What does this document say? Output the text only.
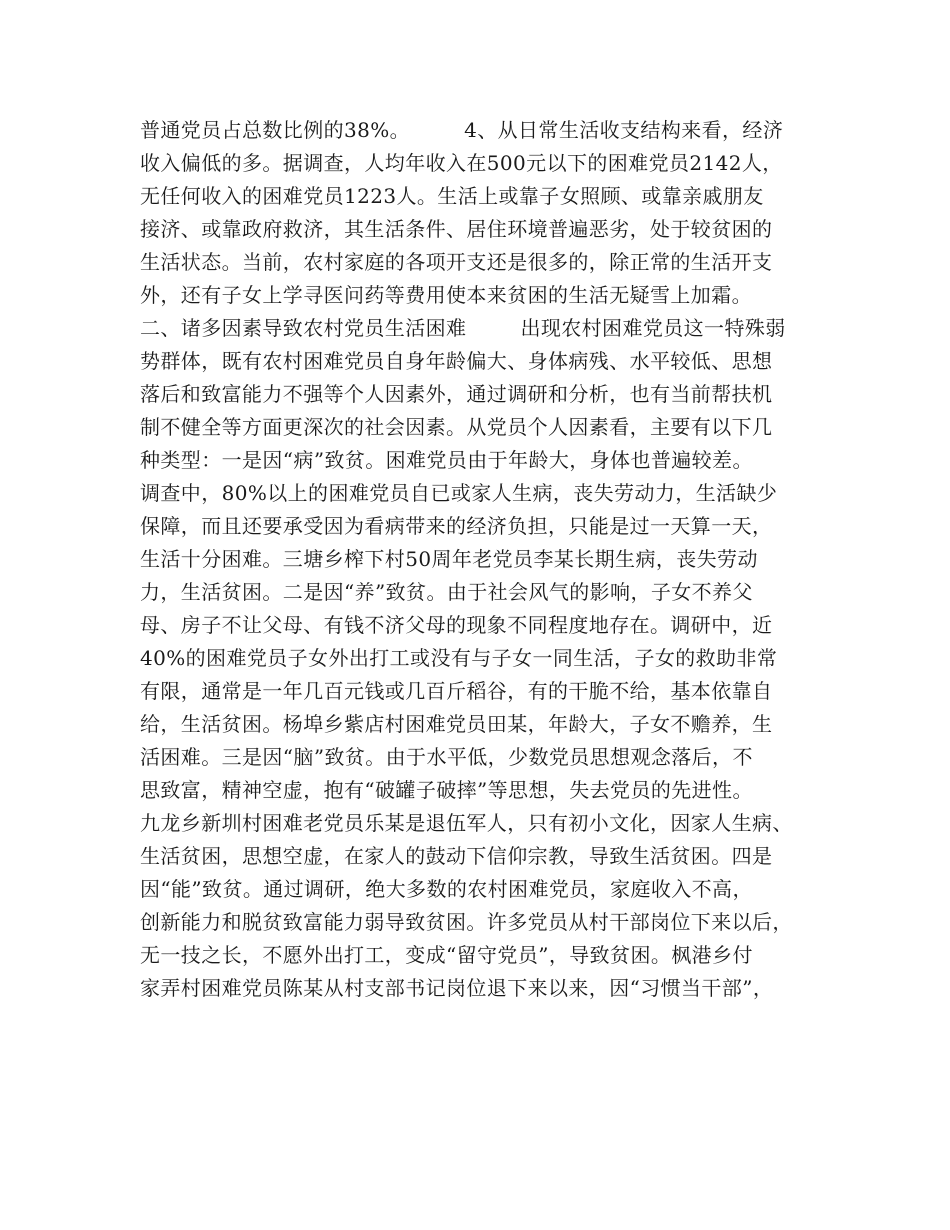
普通党员占总数比例的38%。        4、从日常生活收支结构来看，经济
收入偏低的多。据调查，人均年收入在500元以下的困难党员2142人，
无任何收入的困难党员1223人。生活上或靠子女照顾、或靠亲戚朋友
接济、或靠政府救济，其生活条件、居住环境普遍恶劣，处于较贫困的
生活状态。当前，农村家庭的各项开支还是很多的，除正常的生活开支
外，还有子女上学寻医问药等费用使本来贫困的生活无疑雪上加霜。
二、诸多因素导致农村党员生活困难        出现农村困难党员这一特殊弱
势群体，既有农村困难党员自身年龄偏大、身体病残、水平较低、思想
落后和致富能力不强等个人因素外，通过调研和分析，也有当前帮扶机
制不健全等方面更深次的社会因素。从党员个人因素看，主要有以下几
种类型：一是因“病”致贫。困难党员由于年龄大，身体也普遍较差。
调查中，80%以上的困难党员自已或家人生病，丧失劳动力，生活缺少
保障，而且还要承受因为看病带来的经济负担，只能是过一天算一天，
生活十分困难。三塘乡榨下村50周年老党员李某长期生病，丧失劳动
力，生活贫困。二是因“养”致贫。由于社会风气的影响，子女不养父
母、房子不让父母、有钱不济父母的现象不同程度地存在。调研中，近
40%的困难党员子女外出打工或没有与子女一同生活，子女的救助非常
有限，通常是一年几百元钱或几百斤稻谷，有的干脆不给，基本依靠自
给，生活贫困。杨埠乡紫店村困难党员田某，年龄大，子女不赡养，生
活困难。三是因“脑”致贫。由于水平低，少数党员思想观念落后，不
思致富，精神空虚，抱有“破罐子破摔”等思想，失去党员的先进性。
九龙乡新圳村困难老党员乐某是退伍军人，只有初小文化，因家人生病、
生活贫困，思想空虚，在家人的鼓动下信仰宗教，导致生活贫困。四是
因“能”致贫。通过调研，绝大多数的农村困难党员，家庭收入不高，
创新能力和脱贫致富能力弱导致贫困。许多党员从村干部岗位下来以后，
无一技之长，不愿外出打工，变成“留守党员”，导致贫困。枫港乡付
家弄村困难党员陈某从村支部书记岗位退下来以来，因“习惯当干部”，
